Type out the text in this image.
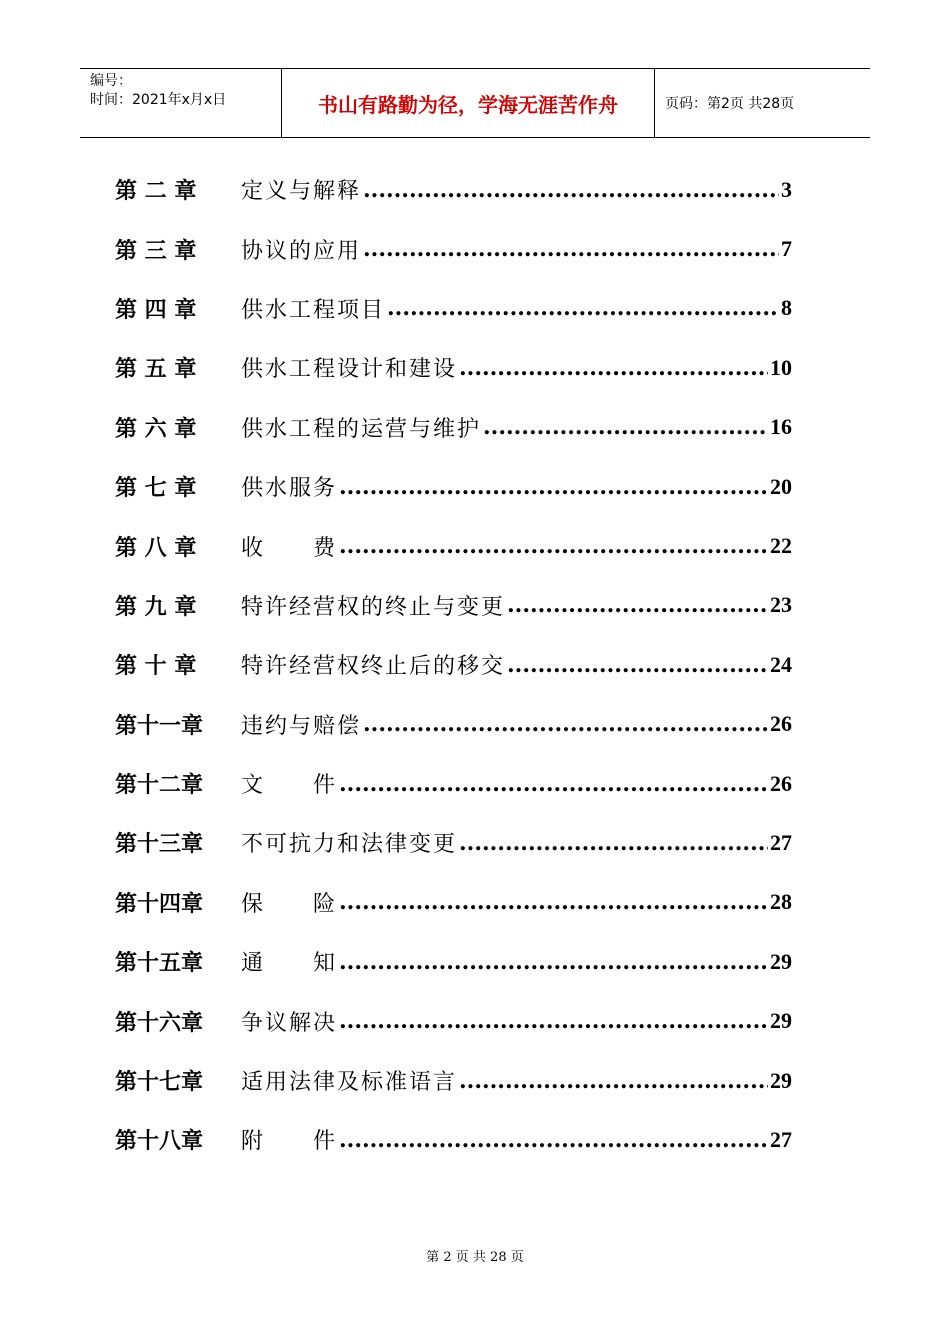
编号：
时间：2021年x月x日	书山有路勤为径，学海无涯苦作舟	页码：第2页 共28页
第 二 章	定义与解释 .....	3
第 三 章	协议的应用 .....	7
第 四 章	供水工程项目 .....	8
第 五 章	供水工程设计和建设 .....	10
第 六 章	供水工程的运营与维护 .....	16
第 七 章	供水服务 .....	20
第 八 章	收　　费 .....	22
第 九 章	特许经营权的终止与变更 .....	23
第 十 章	特许经营权终止后的移交 .....	24
第十一章	违约与赔偿 .....	26
第十二章	文　　件 .....	26
第十三章	不可抗力和法律变更 .....	27
第十四章	保　　险 .....	28
第十五章	通　　知 .....	29
第十六章	争议解决 .....	29
第十七章	适用法律及标准语言 .....	29
第十八章	附　　件 .....	27
第 2 页 共 28 页
